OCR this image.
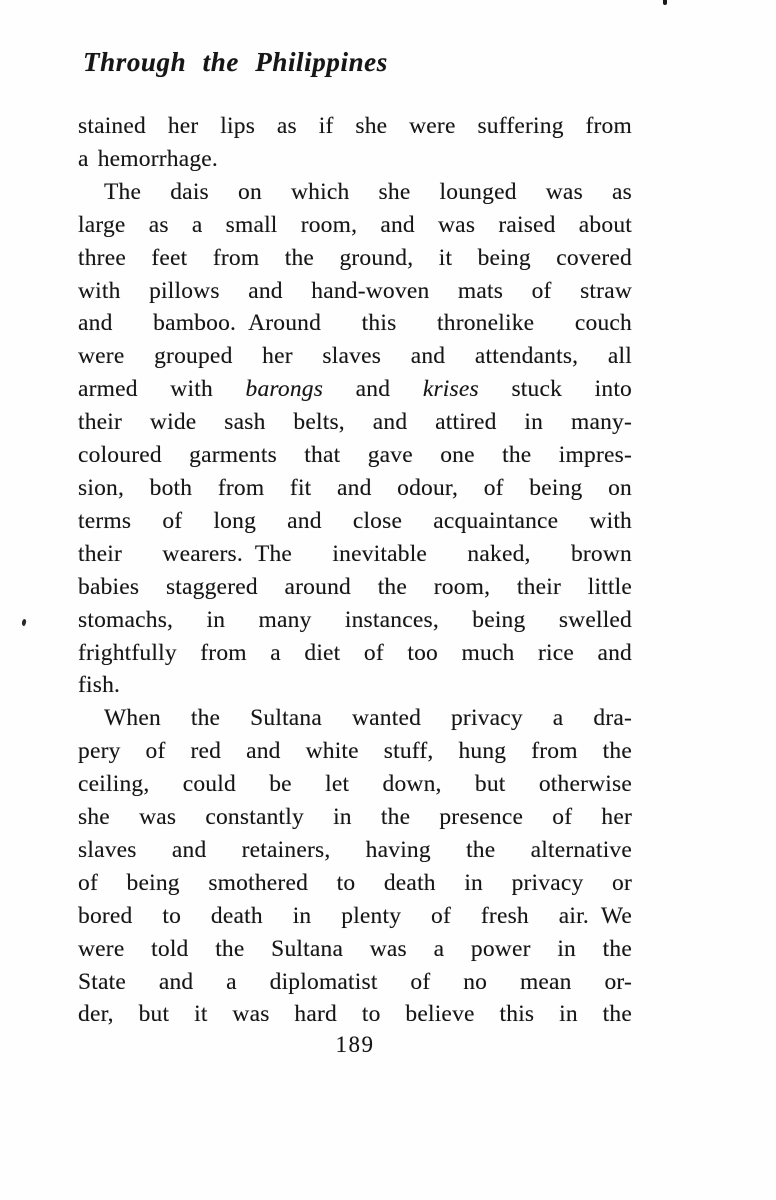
Through the Philippines
stained her lips as if she were suffering from
a hemorrhage.
The dais on which she lounged was as
large as a small room, and was raised about
three feet from the ground, it being covered
with pillows and hand-woven mats of straw
and bamboo. Around this thronelike couch
were grouped her slaves and attendants, all
armed with barongs and krises stuck into
their wide sash belts, and attired in many-
coloured garments that gave one the impres-
sion, both from fit and odour, of being on
terms of long and close acquaintance with
their wearers. The inevitable naked, brown
babies staggered around the room, their little
stomachs, in many instances, being swelled
frightfully from a diet of too much rice and
fish.
When the Sultana wanted privacy a dra-
pery of red and white stuff, hung from the
ceiling, could be let down, but otherwise
she was constantly in the presence of her
slaves and retainers, having the alternative
of being smothered to death in privacy or
bored to death in plenty of fresh air. We
were told the Sultana was a power in the
State and a diplomatist of no mean or-
der, but it was hard to believe this in the
189
